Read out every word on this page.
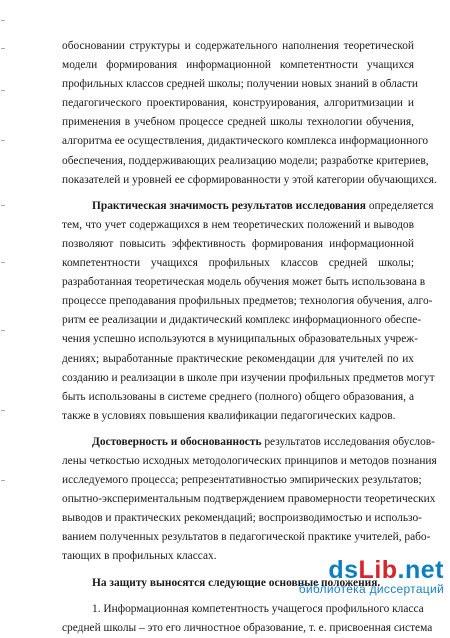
обосновании структуры и содержательного наполнения теоретической
модели формирования информационной компетентности учащихся
профильных классов средней школы; получении новых знаний в области
педагогического проектирования, конструирования, алгоритмизации и
применения в учебном процессе средней школы технологии обучения,
алгоритма ее осуществления, дидактического комплекса информационного
обеспечения, поддерживающих реализацию модели; разработке критериев,
показателей и уровней ее сформированности у этой категории обучающихся.
Практическая значимость результатов исследования определяется
тем, что учет содержащихся в нем теоретических положений и выводов
позволяют повысить эффективность формирования информационной
компетентности учащихся профильных классов средней школы;
разработанная теоретическая модель обучения может быть использована в
процессе преподавания профильных предметов; технология обучения, алго-
ритм ее реализации и дидактический комплекс информационного обеспе-
чения успешно используются в муниципальных образовательных учреж-
дениях; выработанные практические рекомендации для учителей по их
созданию и реализации в школе при изучении профильных предметов могут
быть использованы в системе среднего (полного) общего образования, а
также в условиях повышения квалификации педагогических кадров.
Достоверность и обоснованность результатов исследования обуслов-
лены четкостью исходных методологических принципов и методов познания
исследуемого процесса; репрезентативностью эмпирических результатов;
опытно-экспериментальным подтверждением правомерности теоретических
выводов и практических рекомендаций; воспроизводимостью и использо-
ванием полученных результатов в педагогической практике учителей, рабо-
тающих в профильных классах.
На защиту выносятся следующие основные положения.
1. Информационная компетентность учащегося профильного класса
средней школы – это его личностное образование, т. е. присвоенная система
dsLib.net
библиотека диссертаций
